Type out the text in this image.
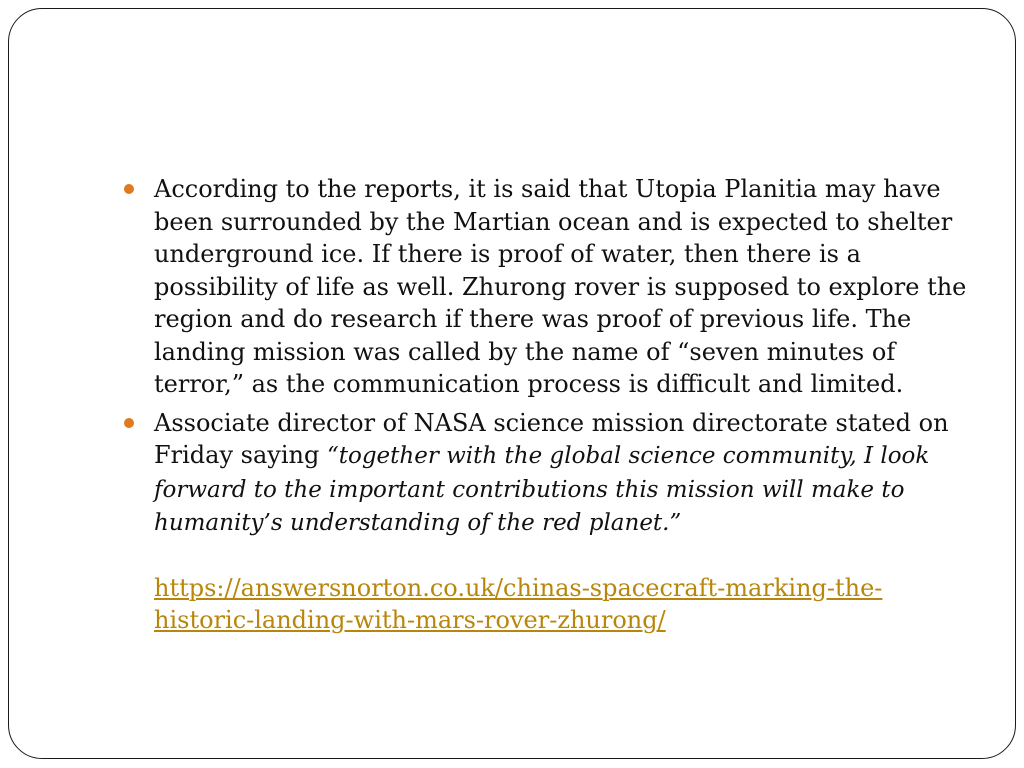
According to the reports, it is said that Utopia Planitia may have been surrounded by the Martian ocean and is expected to shelter underground ice. If there is proof of water, then there is a possibility of life as well. Zhurong rover is supposed to explore the region and do research if there was proof of previous life. The landing mission was called by the name of “seven minutes of terror,” as the communication process is difficult and limited.
Associate director of NASA science mission directorate stated on Friday saying “together with the global science community, I look forward to the important contributions this mission will make to humanity’s understanding of the red planet.”
https://answersnorton.co.uk/chinas-spacecraft-marking-the-historic-landing-with-mars-rover-zhurong/
